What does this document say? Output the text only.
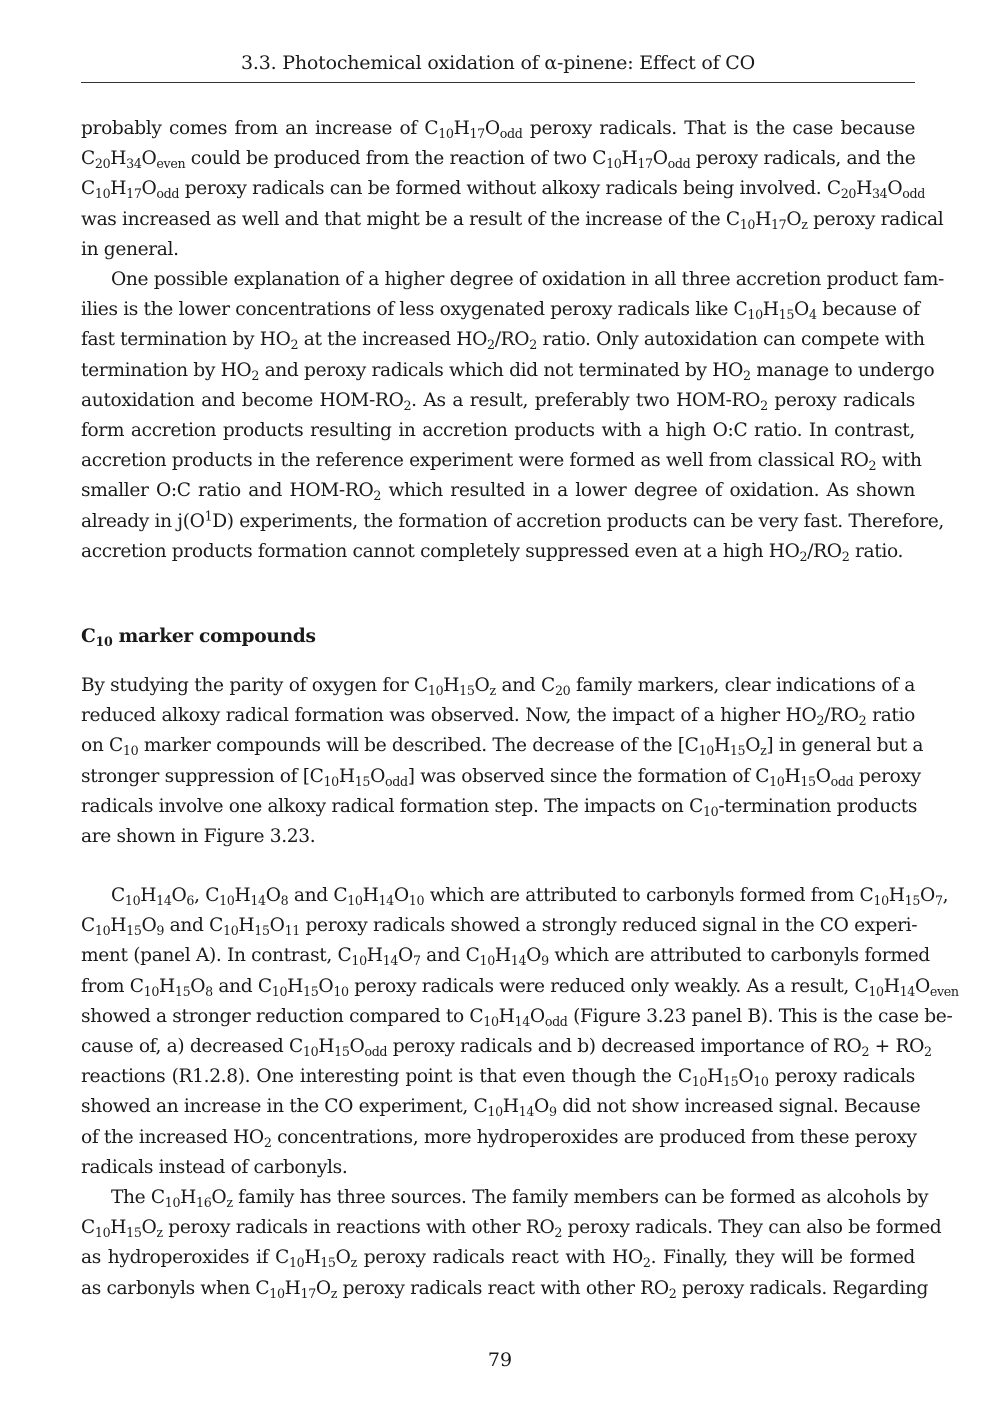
3.3. Photochemical oxidation of α-pinene: Effect of CO
probably comes from an increase of $C_{10}H_{17}O_{odd}$ peroxy radicals. That is the case because
$C_{20}H_{34}O_{even}$ could be produced from the reaction of two $C_{10}H_{17}O_{odd}$ peroxy radicals, and the
$C_{10}H_{17}O_{odd}$ peroxy radicals can be formed without alkoxy radicals being involved. $C_{20}H_{34}O_{odd}$
was increased as well and that might be a result of the increase of the $C_{10}H_{17}O_z$ peroxy radical
in general.
One possible explanation of a higher degree of oxidation in all three accretion product fam-
ilies is the lower concentrations of less oxygenated peroxy radicals like $C_{10}H_{15}O_4$ because of
fast termination by $HO_2$ at the increased $HO_2/RO_2$ ratio. Only autoxidation can compete with
termination by $HO_2$ and peroxy radicals which did not terminated by $HO_2$ manage to undergo
autoxidation and become HOM-$RO_2$. As a result, preferably two HOM-$RO_2$ peroxy radicals
form accretion products resulting in accretion products with a high O:C ratio. In contrast,
accretion products in the reference experiment were formed as well from classical $RO_2$ with
smaller O:C ratio and HOM-$RO_2$ which resulted in a lower degree of oxidation. As shown
already in $j(O^1D)$ experiments, the formation of accretion products can be very fast. Therefore,
accretion products formation cannot completely suppressed even at a high $HO_2/RO_2$ ratio.
$C_{10}$ marker compounds
By studying the parity of oxygen for $C_{10}H_{15}O_z$ and $C_{20}$ family markers, clear indications of a
reduced alkoxy radical formation was observed. Now, the impact of a higher $HO_2/RO_2$ ratio
on $C_{10}$ marker compounds will be described. The decrease of the $[C_{10}H_{15}O_z]$ in general but a
stronger suppression of $[C_{10}H_{15}O_{odd}]$ was observed since the formation of $C_{10}H_{15}O_{odd}$ peroxy
radicals involve one alkoxy radical formation step. The impacts on $C_{10}$-termination products
are shown in Figure 3.23.
$C_{10}H_{14}O_6$, $C_{10}H_{14}O_8$ and $C_{10}H_{14}O_{10}$ which are attributed to carbonyls formed from $C_{10}H_{15}O_7$,
$C_{10}H_{15}O_9$ and $C_{10}H_{15}O_{11}$ peroxy radicals showed a strongly reduced signal in the CO experi-
ment (panel A). In contrast, $C_{10}H_{14}O_7$ and $C_{10}H_{14}O_9$ which are attributed to carbonyls formed
from $C_{10}H_{15}O_8$ and $C_{10}H_{15}O_{10}$ peroxy radicals were reduced only weakly. As a result, $C_{10}H_{14}O_{even}$
showed a stronger reduction compared to $C_{10}H_{14}O_{odd}$ (Figure 3.23 panel B). This is the case be-
cause of, a) decreased $C_{10}H_{15}O_{odd}$ peroxy radicals and b) decreased importance of $RO_2 + RO_2$
reactions (R1.2.8). One interesting point is that even though the $C_{10}H_{15}O_{10}$ peroxy radicals
showed an increase in the CO experiment, $C_{10}H_{14}O_9$ did not show increased signal. Because
of the increased $HO_2$ concentrations, more hydroperoxides are produced from these peroxy
radicals instead of carbonyls.
The $C_{10}H_{16}O_z$ family has three sources. The family members can be formed as alcohols by
$C_{10}H_{15}O_z$ peroxy radicals in reactions with other $RO_2$ peroxy radicals. They can also be formed
as hydroperoxides if $C_{10}H_{15}O_z$ peroxy radicals react with $HO_2$. Finally, they will be formed
as carbonyls when $C_{10}H_{17}O_z$ peroxy radicals react with other $RO_2$ peroxy radicals. Regarding
79
